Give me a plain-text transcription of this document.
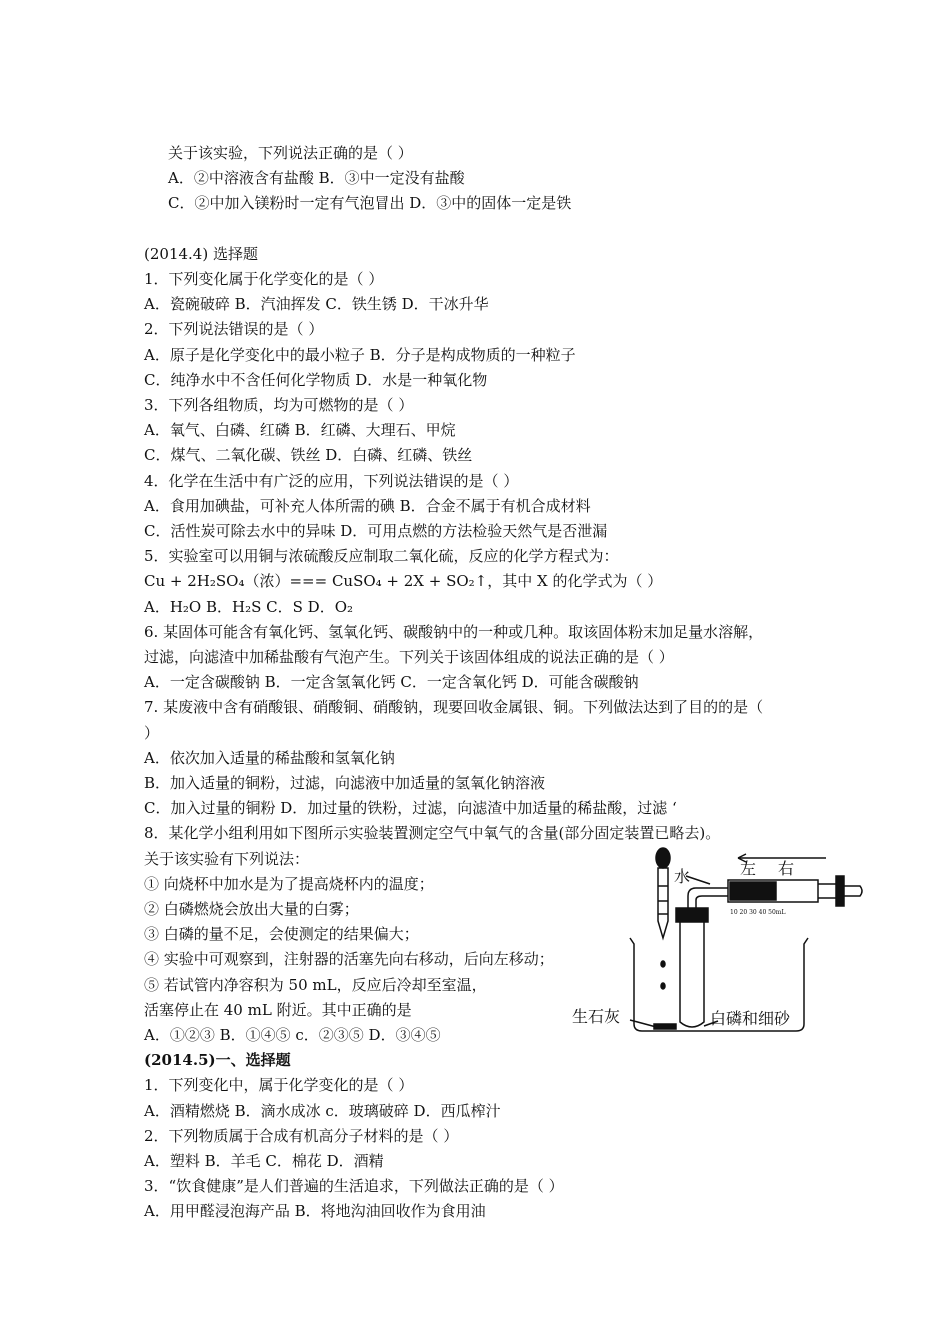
关于该实验，下列说法正确的是（ ）
A．②中溶液含有盐酸 B．③中一定没有盐酸
C．②中加入镁粉时一定有气泡冒出 D．③中的固体一定是铁
(2014.4) 选择题
1．下列变化属于化学变化的是（ ）
A．瓷碗破碎 B．汽油挥发 C．铁生锈 D．干冰升华
2．下列说法错误的是（ ）
A．原子是化学变化中的最小粒子 B．分子是构成物质的一种粒子
C．纯净水中不含任何化学物质 D．水是一种氧化物
3．下列各组物质，均为可燃物的是（ ）
A．氧气、白磷、红磷 B．红磷、大理石、甲烷
C．煤气、二氧化碳、铁丝 D．白磷、红磷、铁丝
4．化学在生活中有广泛的应用，下列说法错误的是（ ）
A．食用加碘盐，可补充人体所需的碘 B．合金不属于有机合成材料
C．活性炭可除去水中的异味 D．可用点燃的方法检验天然气是否泄漏
5．实验室可以用铜与浓硫酸反应制取二氧化硫，反应的化学方程式为：
Cu + 2H₂SO₄（浓）=== CuSO₄ + 2X + SO₂↑，其中 X 的化学式为（ ）
A．H₂O B．H₂S C．S D．O₂
6. 某固体可能含有氧化钙、氢氧化钙、碳酸钠中的一种或几种。取该固体粉末加足量水溶解，
过滤，向滤渣中加稀盐酸有气泡产生。下列关于该固体组成的说法正确的是（ ）
A．一定含碳酸钠 B．一定含氢氧化钙 C．一定含氧化钙 D．可能含碳酸钠
7. 某废液中含有硝酸银、硝酸铜、硝酸钠，现要回收金属银、铜。下列做法达到了目的的是（
）
A．依次加入适量的稀盐酸和氢氧化钠
B．加入适量的铜粉，过滤，向滤液中加适量的氢氧化钠溶液
C．加入过量的铜粉 D．加过量的铁粉，过滤，向滤渣中加适量的稀盐酸，过滤 ‘
8．某化学小组利用如下图所示实验装置测定空气中氧气的含量(部分固定装置已略去)。
关于该实验有下列说法：
① 向烧杯中加水是为了提高烧杯内的温度；
② 白磷燃烧会放出大量的白雾；
③ 白磷的量不足，会使测定的结果偏大；
④ 实验中可观察到，注射器的活塞先向右移动，后向左移动；
⑤ 若试管内净容积为 50 mL，反应后冷却至室温，
活塞停止在 40 mL 附近。其中正确的是
A．①②③ B．①④⑤ c．②③⑤ D．③④⑤
(2014.5)一、选择题
1．下列变化中，属于化学变化的是（ ）
A．酒精燃烧 B．滴水成冰 c．玻璃破碎 D．西瓜榨汁
2．下列物质属于合成有机高分子材料的是（ ）
A．塑料 B．羊毛 C．棉花 D．酒精
3．“饮食健康”是人们普遍的生活追求，下列做法正确的是（ ）
A．用甲醛浸泡海产品 B．将地沟油回收作为食用油
水	左 右
10 20 30 40 50mL
生石灰	白磷和细砂
